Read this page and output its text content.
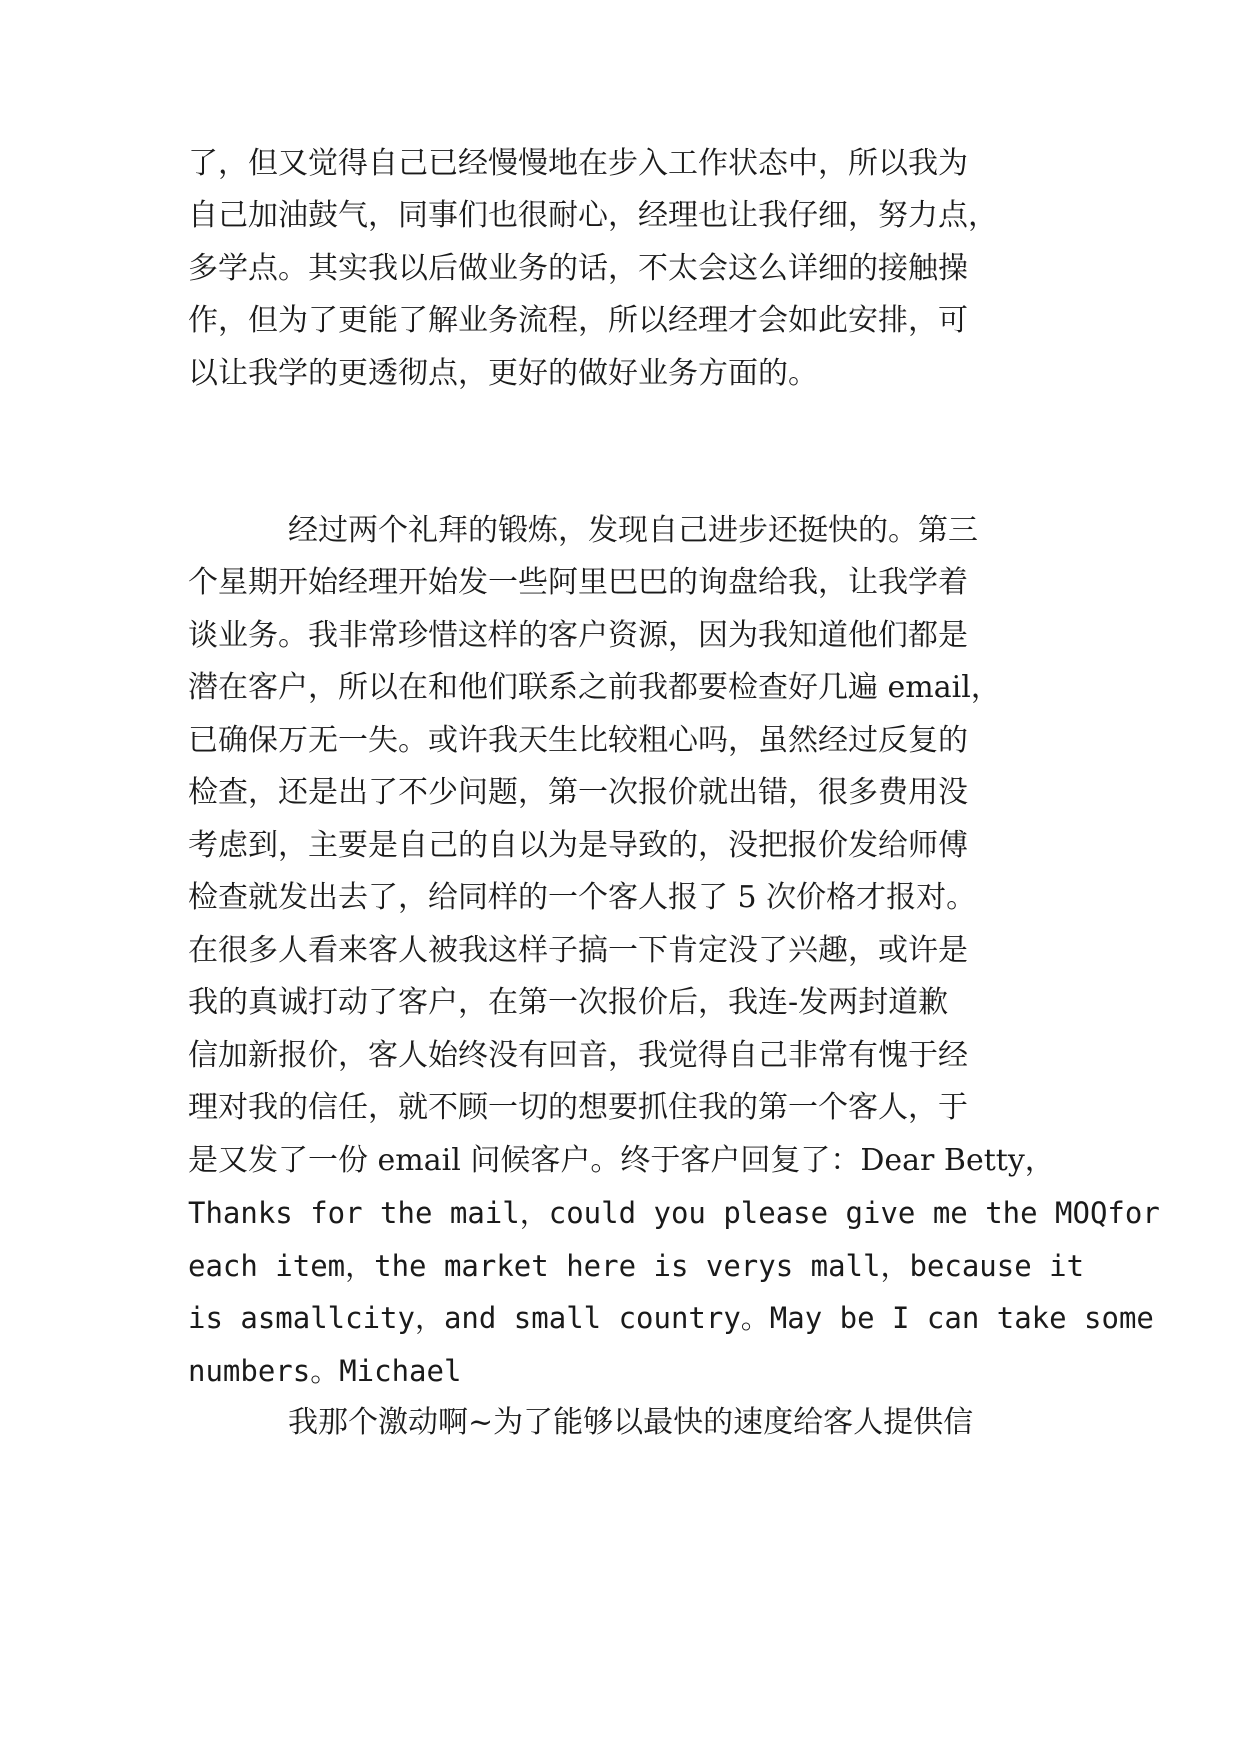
了，但又觉得自己已经慢慢地在步入工作状态中，所以我为

自己加油鼓气，同事们也很耐心，经理也让我仔细，努力点，

多学点。其实我以后做业务的话，不太会这么详细的接触操

作，但为了更能了解业务流程，所以经理才会如此安排，可

以让我学的更透彻点，更好的做好业务方面的。

经过两个礼拜的锻炼，发现自己进步还挺快的。第三

个星期开始经理开始发一些阿里巴巴的询盘给我，让我学着

谈业务。我非常珍惜这样的客户资源，因为我知道他们都是

潜在客户，所以在和他们联系之前我都要检查好几遍 email，

已确保万无一失。或许我天生比较粗心吗，虽然经过反复的

检查，还是出了不少问题，第一次报价就出错，很多费用没

考虑到，主要是自己的自以为是导致的，没把报价发给师傅

检查就发出去了，给同样的一个客人报了 5 次价格才报对。

在很多人看来客人被我这样子搞一下肯定没了兴趣，或许是

我的真诚打动了客户，在第一次报价后，我连-发两封道歉

信加新报价，客人始终没有回音，我觉得自己非常有愧于经

理对我的信任，就不顾一切的想要抓住我的第一个客人，于

是又发了一份 email 问候客户。终于客户回复了：Dear Betty，

Thanks for the mail，could you please give me the MOQfor

each item，the market here is verys mall，because it

is asmallcity，and small country。May be I can take some

numbers。Michael

我那个激动啊~为了能够以最快的速度给客人提供信
